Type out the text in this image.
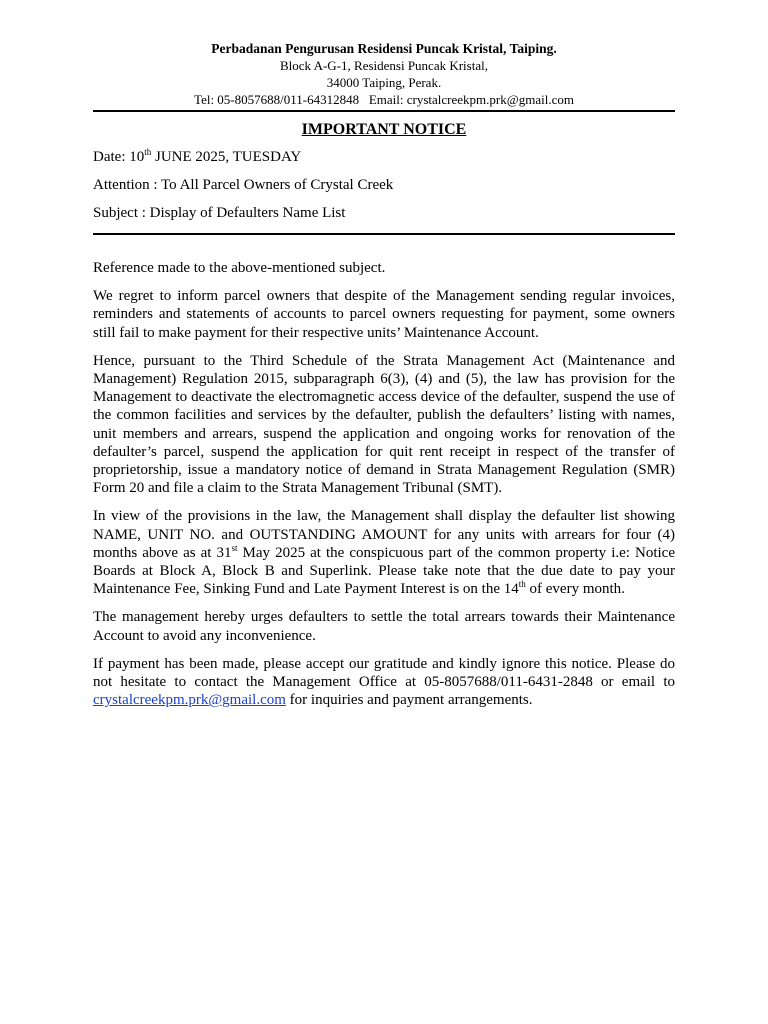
Perbadanan Pengurusan Residensi Puncak Kristal, Taiping.
Block A-G-1, Residensi Puncak Kristal,
34000 Taiping, Perak.
Tel: 05-8057688/011-64312848   Email: crystalcreekpm.prk@gmail.com
IMPORTANT NOTICE
Date: 10th JUNE 2025, TUESDAY
Attention : To All Parcel Owners of Crystal Creek
Subject : Display of Defaulters Name List

Reference made to the above-mentioned subject.

We regret to inform parcel owners that despite of the Management sending regular invoices, reminders and statements of accounts to parcel owners requesting for payment, some owners still fail to make payment for their respective units’ Maintenance Account.

Hence, pursuant to the Third Schedule of the Strata Management Act (Maintenance and Management) Regulation 2015, subparagraph 6(3), (4) and (5), the law has provision for the Management to deactivate the electromagnetic access device of the defaulter, suspend the use of the common facilities and services by the defaulter, publish the defaulters’ listing with names, unit members and arrears, suspend the application and ongoing works for renovation of the defaulter’s parcel, suspend the application for quit rent receipt in respect of the transfer of proprietorship, issue a mandatory notice of demand in Strata Management Regulation (SMR) Form 20 and file a claim to the Strata Management Tribunal (SMT).

In view of the provisions in the law, the Management shall display the defaulter list showing NAME, UNIT NO. and OUTSTANDING AMOUNT for any units with arrears for four (4) months above as at 31st May 2025 at the conspicuous part of the common property i.e: Notice Boards at Block A, Block B and Superlink. Please take note that the due date to pay your Maintenance Fee, Sinking Fund and Late Payment Interest is on the 14th of every month.

The management hereby urges defaulters to settle the total arrears towards their Maintenance Account to avoid any inconvenience.

If payment has been made, please accept our gratitude and kindly ignore this notice. Please do not hesitate to contact the Management Office at 05-8057688/011-6431-2848 or email to crystalcreekpm.prk@gmail.com for inquiries and payment arrangements.
